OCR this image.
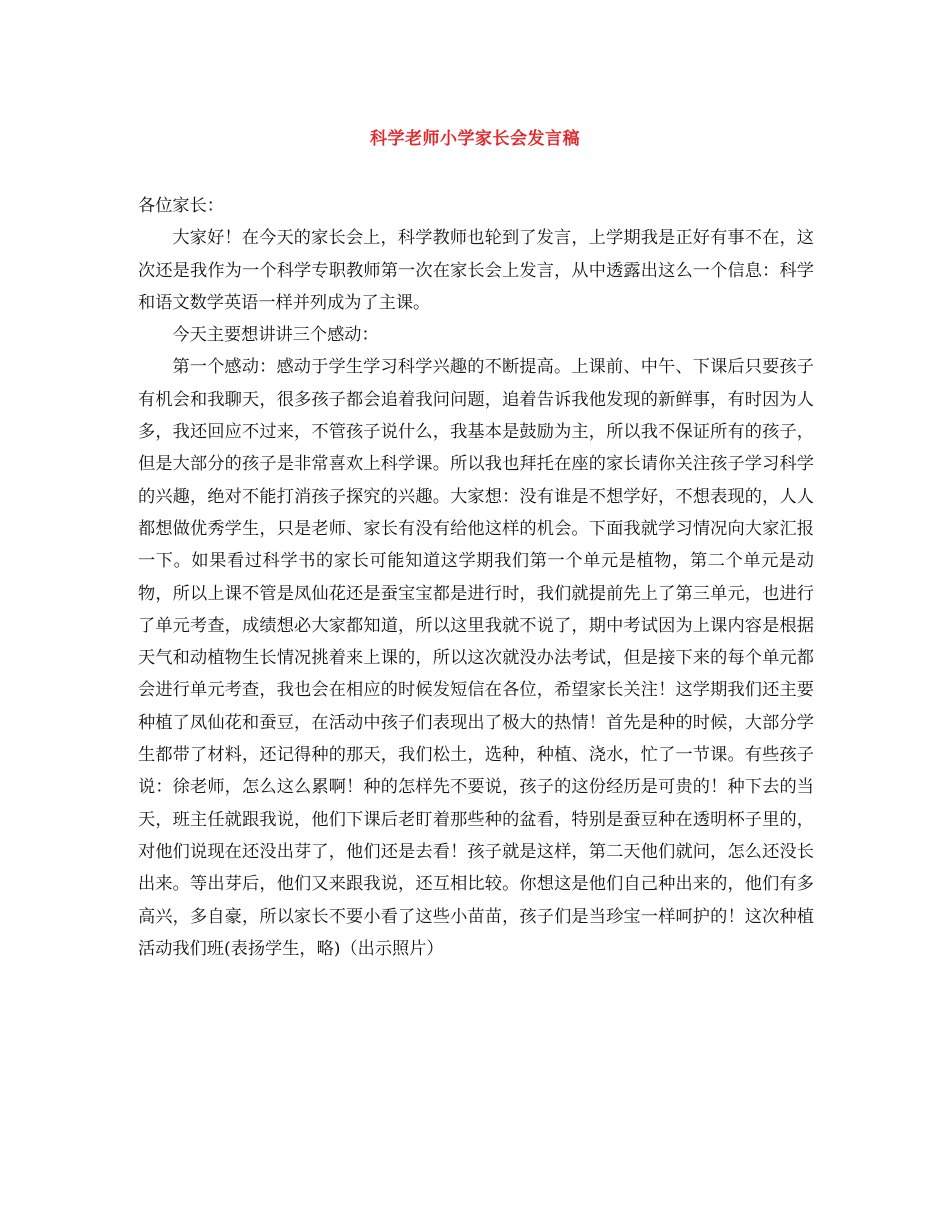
科学老师小学家长会发言稿

各位家长：

大家好！在今天的家长会上，科学教师也轮到了发言，上学期我是正好有事不在，这次还是我作为一个科学专职教师第一次在家长会上发言，从中透露出这么一个信息：科学和语文数学英语一样并列成为了主课。

今天主要想讲讲三个感动：

第一个感动：感动于学生学习科学兴趣的不断提高。上课前、中午、下课后只要孩子有机会和我聊天，很多孩子都会追着我问问题，追着告诉我他发现的新鲜事，有时因为人多，我还回应不过来，不管孩子说什么，我基本是鼓励为主，所以我不保证所有的孩子，但是大部分的孩子是非常喜欢上科学课。所以我也拜托在座的家长请你关注孩子学习科学的兴趣，绝对不能打消孩子探究的兴趣。大家想：没有谁是不想学好，不想表现的，人人都想做优秀学生，只是老师、家长有没有给他这样的机会。下面我就学习情况向大家汇报一下。如果看过科学书的家长可能知道这学期我们第一个单元是植物，第二个单元是动物，所以上课不管是凤仙花还是蚕宝宝都是进行时，我们就提前先上了第三单元，也进行了单元考查，成绩想必大家都知道，所以这里我就不说了，期中考试因为上课内容是根据天气和动植物生长情况挑着来上课的，所以这次就没办法考试，但是接下来的每个单元都会进行单元考查，我也会在相应的时候发短信在各位，希望家长关注！这学期我们还主要种植了凤仙花和蚕豆，在活动中孩子们表现出了极大的热情！首先是种的时候，大部分学生都带了材料，还记得种的那天，我们松土，选种，种植、浇水，忙了一节课。有些孩子说：徐老师，怎么这么累啊！种的怎样先不要说，孩子的这份经历是可贵的！种下去的当天，班主任就跟我说，他们下课后老盯着那些种的盆看，特别是蚕豆种在透明杯子里的，对他们说现在还没出芽了，他们还是去看！孩子就是这样，第二天他们就问，怎么还没长出来。等出芽后，他们又来跟我说，还互相比较。你想这是他们自己种出来的，他们有多高兴，多自豪，所以家长不要小看了这些小苗苗，孩子们是当珍宝一样呵护的！这次种植活动我们班(表扬学生，略)（出示照片）
